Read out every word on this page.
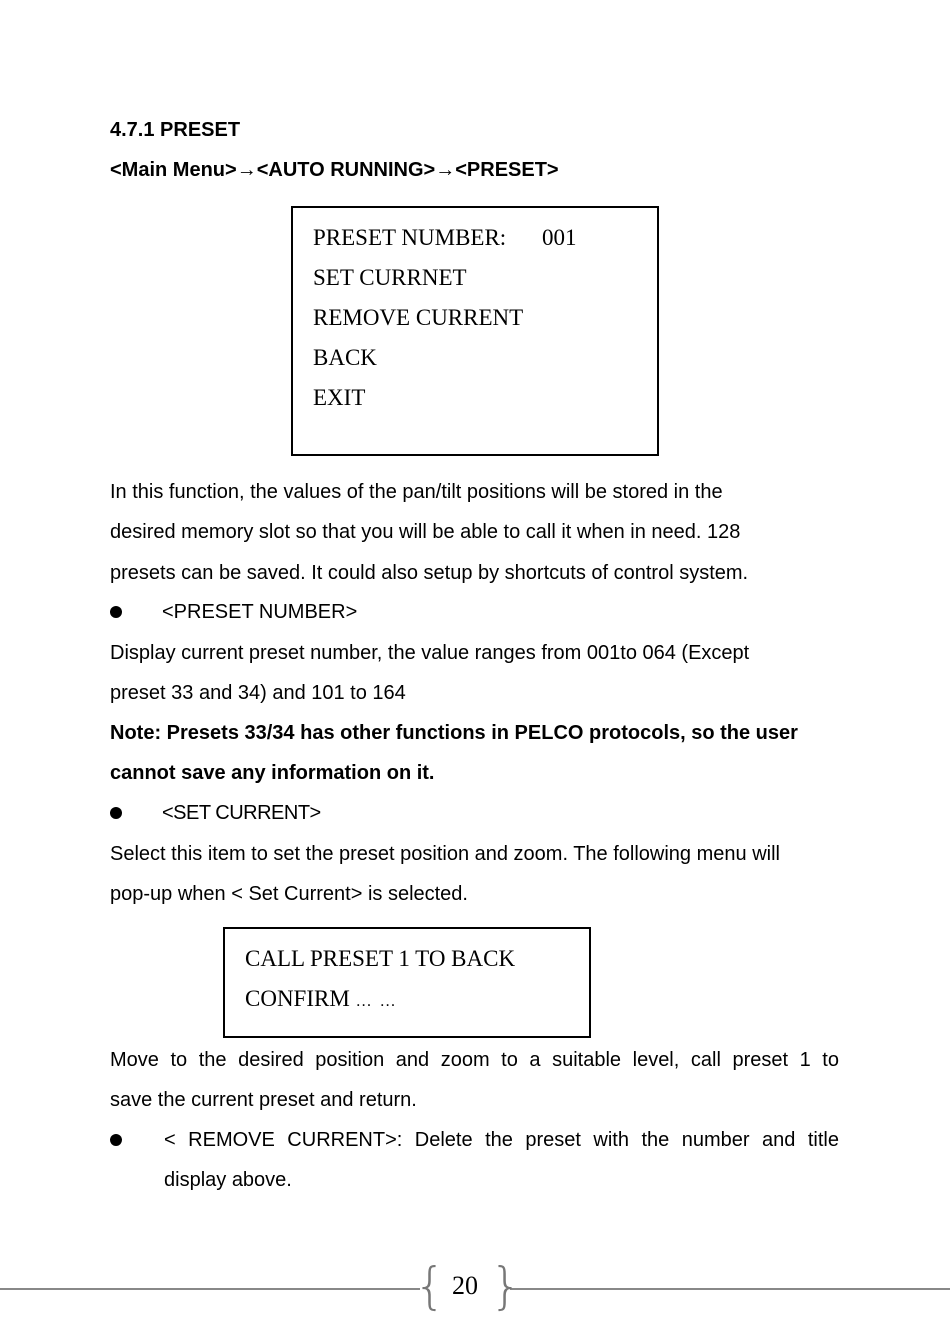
4.7.1 PRESET
<Main Menu>→<AUTO RUNNING>→<PRESET>
PRESET NUMBER: 001
SET CURRNET
REMOVE CURRENT
BACK
EXIT
In this function, the values of the pan/tilt positions will be stored in the
desired memory slot so that you will be able to call it when in need. 128
presets can be saved. It could also setup by shortcuts of control system.
<PRESET NUMBER>
Display current preset number, the value ranges from 001to 064 (Except
preset 33 and 34) and 101 to 164
Note: Presets 33/34 has other functions in PELCO protocols, so the user
cannot save any information on it.
<SET CURRENT>
Select this item to set the preset position and zoom. The following menu will
pop-up when < Set Current> is selected.
CALL PRESET 1 TO BACK
CONFIRM … …
Move to the desired position and zoom to a suitable level, call preset 1 to
save the current preset and return.
< REMOVE CURRENT>: Delete the preset with the number and title
display above.
{ }
20
